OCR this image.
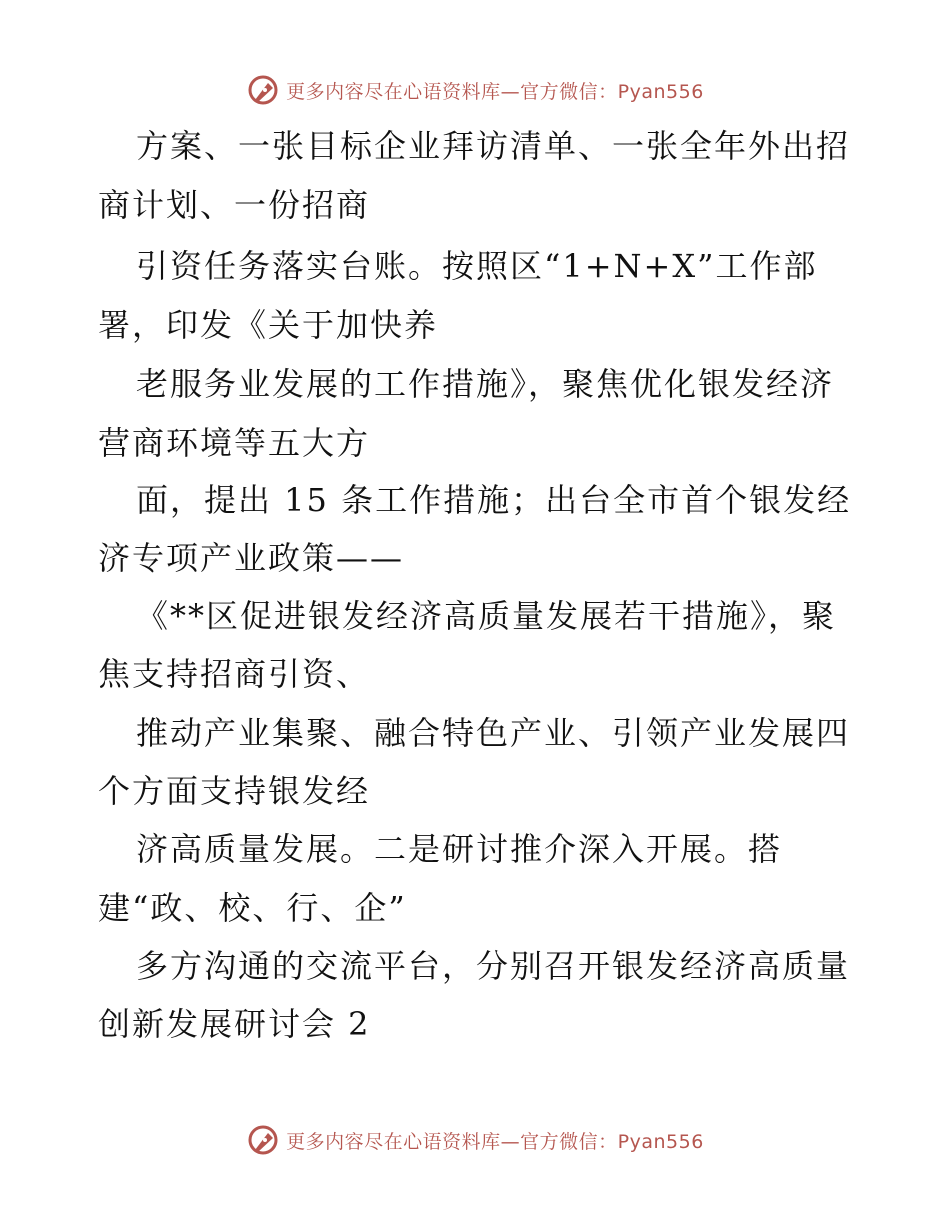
更多内容尽在心语资料库—官方微信：Pyan556
方案、一张目标企业拜访清单、一张全年外出招
商计划、一份招商
引资任务落实台账。按照区“1+N+X”工作部
署，印发《关于加快养
老服务业发展的工作措施》，聚焦优化银发经济
营商环境等五大方
面，提出 15 条工作措施；出台全市首个银发经
济专项产业政策——
《**区促进银发经济高质量发展若干措施》，聚
焦支持招商引资、
推动产业集聚、融合特色产业、引领产业发展四
个方面支持银发经
济高质量发展。二是研讨推介深入开展。搭
建“政、校、行、企”
多方沟通的交流平台，分别召开银发经济高质量
创新发展研讨会 2
更多内容尽在心语资料库—官方微信：Pyan556
